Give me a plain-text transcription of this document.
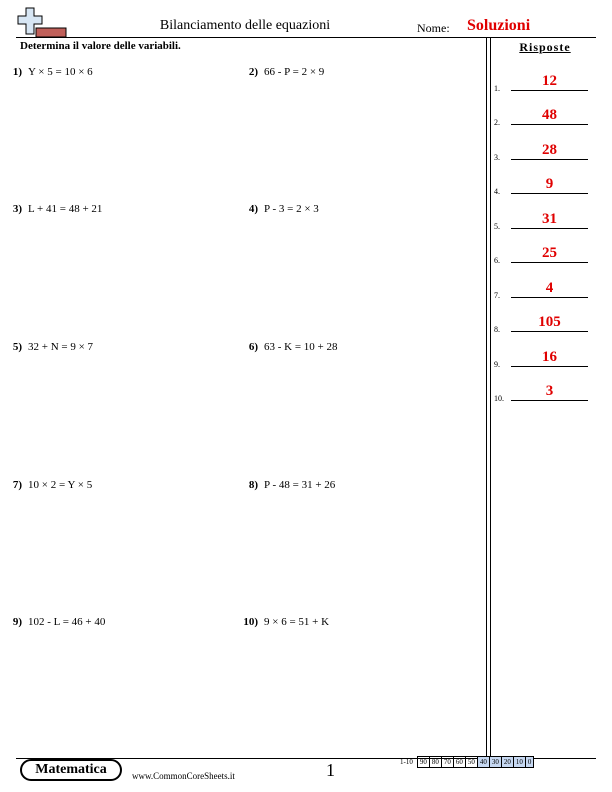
Bilanciamento delle equazioni	Nome: Soluzioni
Determina il valore delle variabili.
1) Y × 5 = 10 × 6	2) 66 - P = 2 × 9
3) L + 41 = 48 + 21	4) P - 3 = 2 × 3
5) 32 + N = 9 × 7	6) 63 - K = 10 + 28
7) 10 × 2 = Y × 5	8) P - 48 = 31 + 26
9) 102 - L = 46 + 40	10) 9 × 6 = 51 + K
Risposte
1.	12
2.	48
3.	28
4.	9
5.	31
6.	25
7.	4
8.	105
9.	16
10.	3
Matematica	www.CommonCoreSheets.it	1	1-10	90	80	70	60	50	40	30	20	10	0
